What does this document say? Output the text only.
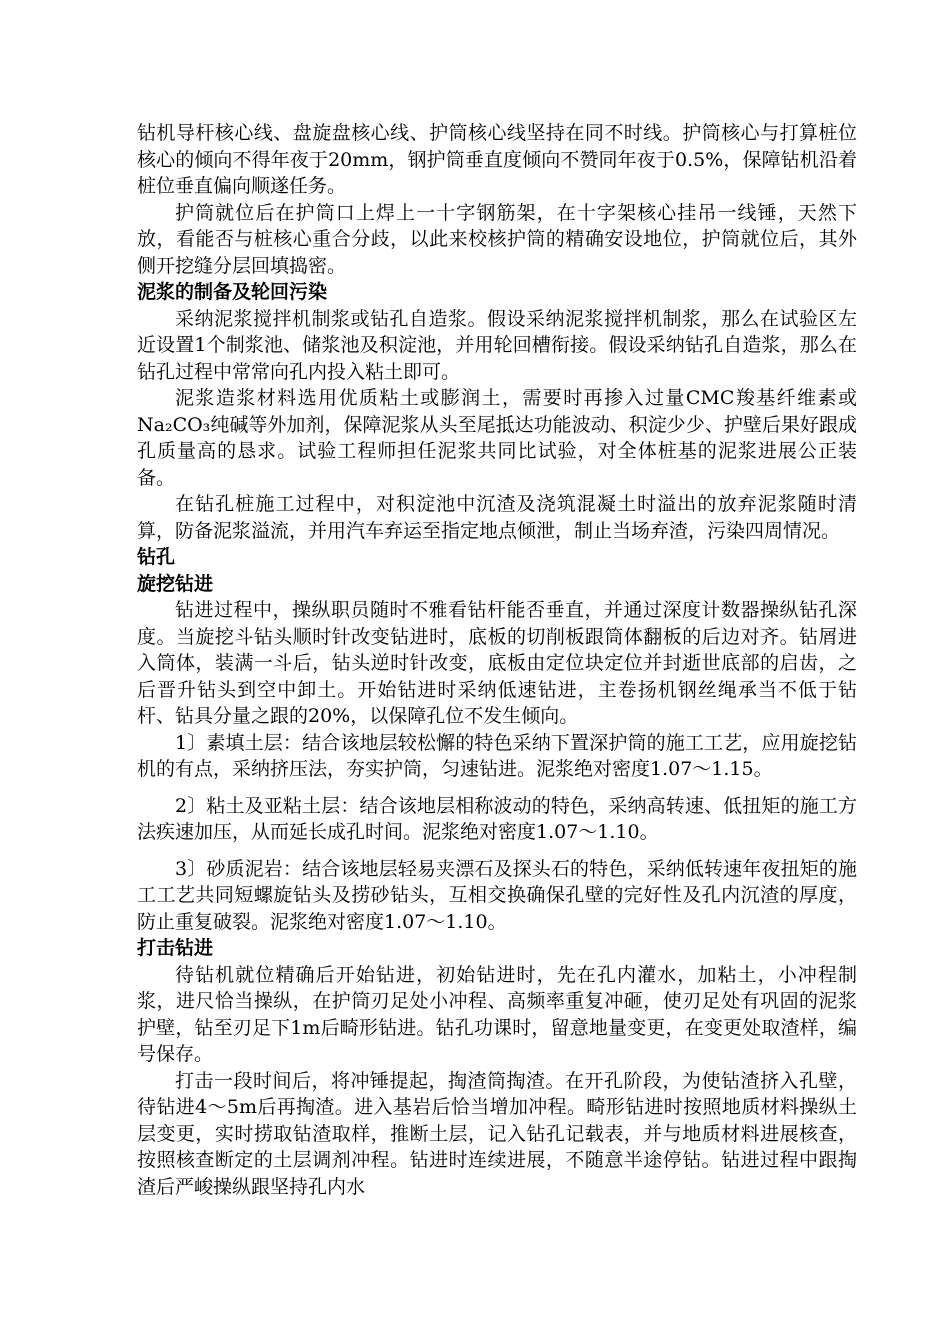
钻机导杆核心线、盘旋盘核心线、护筒核心线坚持在同不时线。护筒核心与打算桩位核心的倾向不得年夜于20mm，钢护筒垂直度倾向不赞同年夜于0.5%，保障钻机沿着桩位垂直偏向顺遂任务。

护筒就位后在护筒口上焊上一十字钢筋架，在十字架核心挂吊一线锤，天然下放，看能否与桩核心重合分歧，以此来校核护筒的精确安设地位，护筒就位后，其外侧开挖缝分层回填捣密。

泥浆的制备及轮回污染

采纳泥浆搅拌机制浆或钻孔自造浆。假设采纳泥浆搅拌机制浆，那么在试验区左近设置1个制浆池、储浆池及积淀池，并用轮回槽衔接。假设采纳钻孔自造浆，那么在钻孔过程中常常向孔内投入粘土即可。

泥浆造浆材料选用优质粘土或膨润土，需要时再掺入过量CMC羧基纤维素或Na₂CO₃纯碱等外加剂，保障泥浆从头至尾抵达功能波动、积淀少少、护壁后果好跟成孔质量高的恳求。试验工程师担任泥浆共同比试验，对全体桩基的泥浆进展公正装备。

在钻孔桩施工过程中，对积淀池中沉渣及浇筑混凝土时溢出的放弃泥浆随时清算，防备泥浆溢流，并用汽车弃运至指定地点倾泄，制止当场弃渣，污染四周情况。

钻孔
旋挖钻进

钻进过程中，操纵职员随时不雅看钻杆能否垂直，并通过深度计数器操纵钻孔深度。当旋挖斗钻头顺时针改变钻进时，底板的切削板跟筒体翻板的后边对齐。钻屑进入筒体，装满一斗后，钻头逆时针改变，底板由定位块定位并封逝世底部的启齿，之后晋升钻头到空中卸土。开始钻进时采纳低速钻进，主卷扬机钢丝绳承当不低于钻杆、钻具分量之跟的20%，以保障孔位不发生倾向。

1〕素填土层：结合该地层较松懈的特色采纳下置深护筒的施工工艺，应用旋挖钻机的有点，采纳挤压法，夯实护筒，匀速钻进。泥浆绝对密度1.07～1.15。

2〕粘土及亚粘土层：结合该地层相称波动的特色，采纳高转速、低扭矩的施工方法疾速加压，从而延长成孔时间。泥浆绝对密度1.07～1.10。

3〕砂质泥岩：结合该地层轻易夹漂石及探头石的特色，采纳低转速年夜扭矩的施工工艺共同短螺旋钻头及捞砂钻头，互相交换确保孔壁的完好性及孔内沉渣的厚度，防止重复破裂。泥浆绝对密度1.07～1.10。

打击钻进

待钻机就位精确后开始钻进，初始钻进时，先在孔内灌水，加粘土，小冲程制浆，进尺恰当操纵，在护筒刃足处小冲程、高频率重复冲砸，使刃足处有巩固的泥浆护壁，钻至刃足下1m后畸形钻进。钻孔功课时，留意地量变更，在变更处取渣样，编号保存。

打击一段时间后，将冲锤提起，掏渣筒掏渣。在开孔阶段，为使钻渣挤入孔壁，待钻进4～5m后再掏渣。进入基岩后恰当增加冲程。畸形钻进时按照地质材料操纵土层变更，实时捞取钻渣取样，推断土层，记入钻孔记载表，并与地质材料进展核查，按照核查断定的土层调剂冲程。钻进时连续进展，不随意半途停钻。钻进过程中跟掏渣后严峻操纵跟坚持孔内水
